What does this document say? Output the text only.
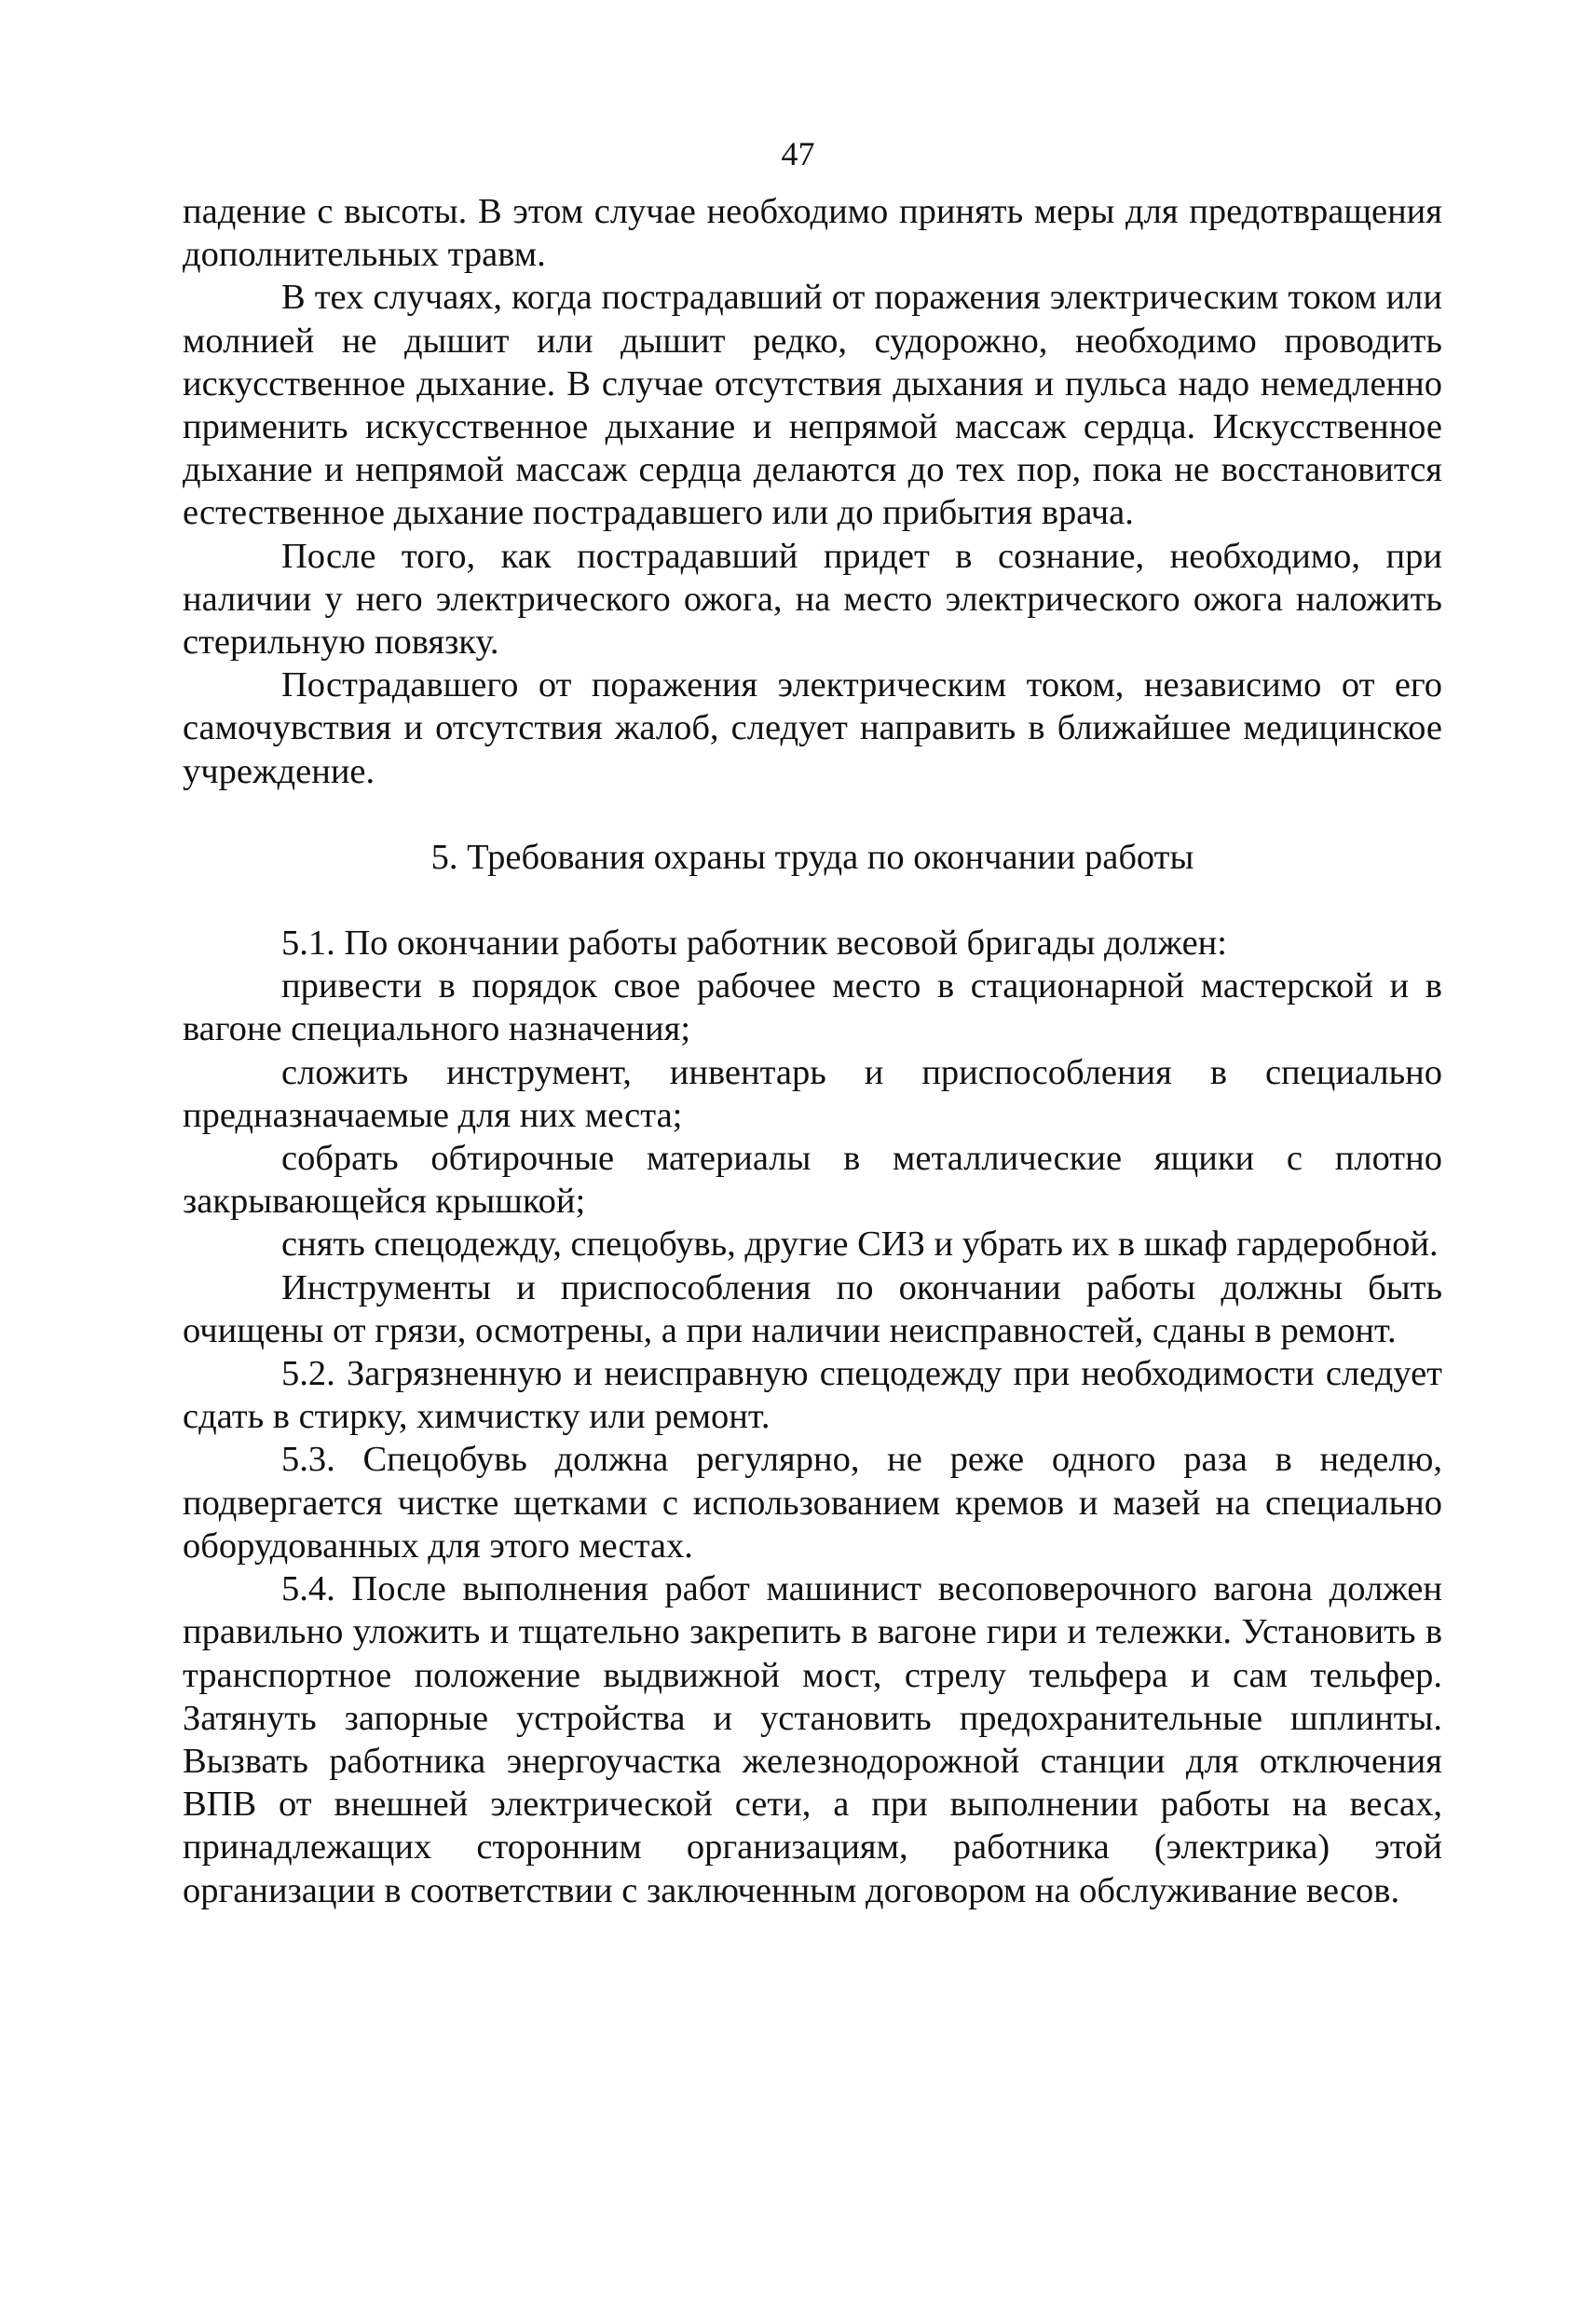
47

падение с высоты. В этом случае необходимо принять меры для предотвращения дополнительных травм.

В тех случаях, когда пострадавший от поражения электрическим током или молнией не дышит или дышит редко, судорожно, необходимо проводить искусственное дыхание. В случае отсутствия дыхания и пульса надо немедленно применить искусственное дыхание и непрямой массаж сердца. Искусственное дыхание и непрямой массаж сердца делаются до тех пор, пока не восстановится естественное дыхание пострадавшего или до прибытия врача.

После того, как пострадавший придет в сознание, необходимо, при наличии у него электрического ожога, на место электрического ожога наложить стерильную повязку.

Пострадавшего от поражения электрическим током, независимо от его самочувствия и отсутствия жалоб, следует направить в ближайшее медицинское учреждение.

5. Требования охраны труда по окончании работы

5.1. По окончании работы работник весовой бригады должен:

привести в порядок свое рабочее место в стационарной мастерской и в вагоне специального назначения;

сложить инструмент, инвентарь и приспособления в специально предназначаемые для них места;

собрать обтирочные материалы в металлические ящики с плотно закрывающейся крышкой;

снять спецодежду, спецобувь, другие СИЗ и убрать их в шкаф гардеробной.

Инструменты и приспособления по окончании работы должны быть очищены от грязи, осмотрены, а при наличии неисправностей, сданы в ремонт.

5.2. Загрязненную и неисправную спецодежду при необходимости следует сдать в стирку, химчистку или ремонт.

5.3. Спецобувь должна регулярно, не реже одного раза в неделю, подвергается чистке щетками с использованием кремов и мазей на специально оборудованных для этого местах.

5.4. После выполнения работ машинист весоповерочного вагона должен правильно уложить и тщательно закрепить в вагоне гири и тележки. Установить в транспортное положение выдвижной мост, стрелу тельфера и сам тельфер. Затянуть запорные устройства и установить предохранительные шплинты. Вызвать работника энергоучастка железнодорожной станции для отключения ВПВ от внешней электрической сети, а при выполнении работы на весах, принадлежащих сторонним организациям, работника (электрика) этой организации в соответствии с заключенным договором на обслуживание весов.
